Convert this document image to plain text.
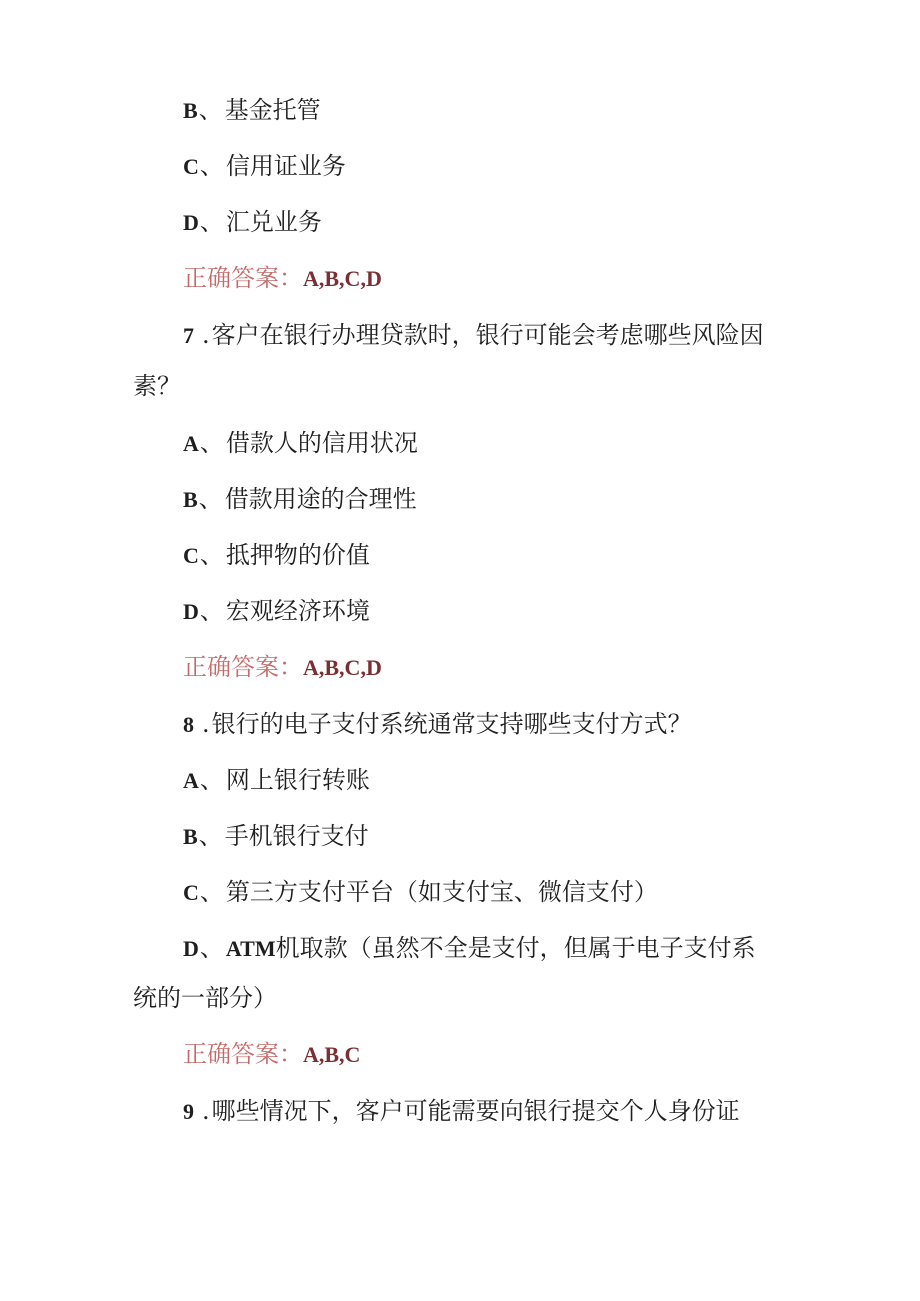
B、基金托管
C、信用证业务
D、汇兑业务
正确答案：A,B,C,D
7 .客户在银行办理贷款时，银行可能会考虑哪些风险因
素？
A、借款人的信用状况
B、借款用途的合理性
C、抵押物的价值
D、宏观经济环境
正确答案：A,B,C,D
8 .银行的电子支付系统通常支持哪些支付方式？
A、网上银行转账
B、手机银行支付
C、第三方支付平台（如支付宝、微信支付）
D、ATM机取款（虽然不全是支付，但属于电子支付系
统的一部分）
正确答案：A,B,C
9 .哪些情况下，客户可能需要向银行提交个人身份证
